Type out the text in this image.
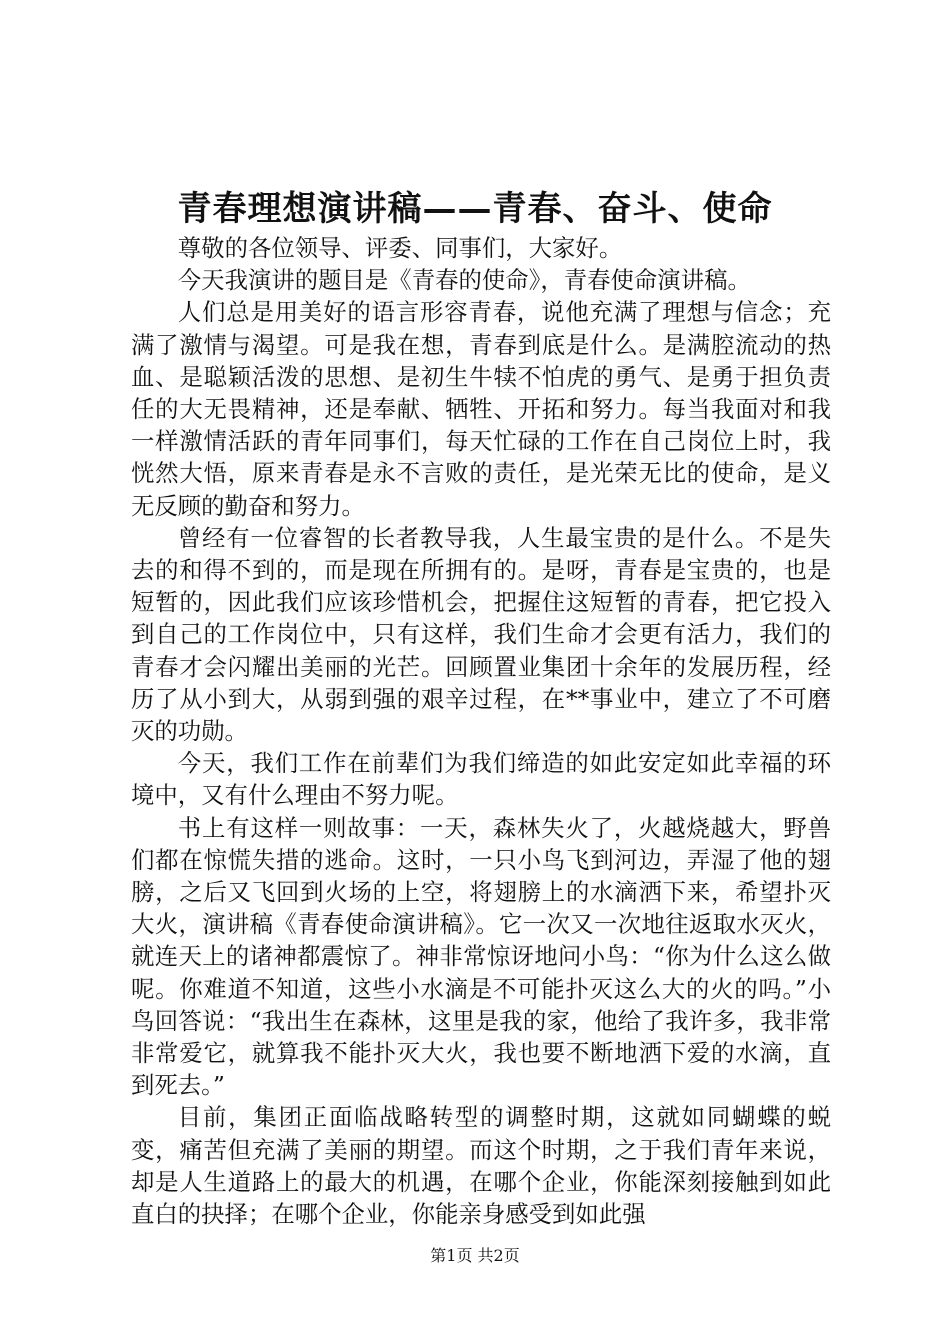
青春理想演讲稿——青春、奋斗、使命

尊敬的各位领导、评委、同事们，大家好。

今天我演讲的题目是《青春的使命》，青春使命演讲稿。

人们总是用美好的语言形容青春，说他充满了理想与信念；充满了激情与渴望。可是我在想，青春到底是什么。是满腔流动的热血、是聪颖活泼的思想、是初生牛犊不怕虎的勇气、是勇于担负责任的大无畏精神，还是奉献、牺牲、开拓和努力。每当我面对和我一样激情活跃的青年同事们，每天忙碌的工作在自己岗位上时，我恍然大悟，原来青春是永不言败的责任，是光荣无比的使命，是义无反顾的勤奋和努力。

曾经有一位睿智的长者教导我，人生最宝贵的是什么。不是失去的和得不到的，而是现在所拥有的。是呀，青春是宝贵的，也是短暂的，因此我们应该珍惜机会，把握住这短暂的青春，把它投入到自己的工作岗位中，只有这样，我们生命才会更有活力，我们的青春才会闪耀出美丽的光芒。回顾置业集团十余年的发展历程，经历了从小到大，从弱到强的艰辛过程，在**事业中，建立了不可磨灭的功勋。

今天，我们工作在前辈们为我们缔造的如此安定如此幸福的环境中，又有什么理由不努力呢。

书上有这样一则故事：一天，森林失火了，火越烧越大，野兽们都在惊慌失措的逃命。这时，一只小鸟飞到河边，弄湿了他的翅膀，之后又飞回到火场的上空，将翅膀上的水滴洒下来，希望扑灭大火，演讲稿《青春使命演讲稿》。它一次又一次地往返取水灭火，就连天上的诸神都震惊了。神非常惊讶地问小鸟：“你为什么这么做呢。你难道不知道，这些小水滴是不可能扑灭这么大的火的吗。”小鸟回答说：“我出生在森林，这里是我的家，他给了我许多，我非常非常爱它，就算我不能扑灭大火，我也要不断地洒下爱的水滴，直到死去。”

目前，集团正面临战略转型的调整时期，这就如同蝴蝶的蜕变，痛苦但充满了美丽的期望。而这个时期，之于我们青年来说，却是人生道路上的最大的机遇，在哪个企业，你能深刻接触到如此直白的抉择；在哪个企业，你能亲身感受到如此强

第1页 共2页
